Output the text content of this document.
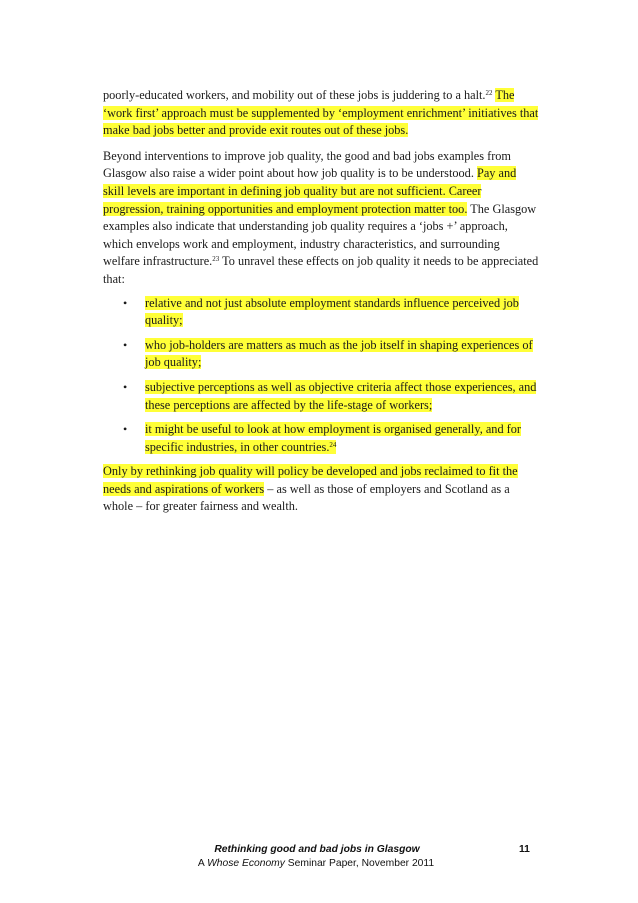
poorly-educated workers, and mobility out of these jobs is juddering to a halt.$^{22}$ The ‘work first’ approach must be supplemented by ‘employment enrichment’ initiatives that make bad jobs better and provide exit routes out of these jobs.

Beyond interventions to improve job quality, the good and bad jobs examples from Glasgow also raise a wider point about how job quality is to be understood. Pay and skill levels are important in defining job quality but are not sufficient. Career progression, training opportunities and employment protection matter too. The Glasgow examples also indicate that understanding job quality requires a ‘jobs +’ approach, which envelops work and employment, industry characteristics, and surrounding welfare infrastructure.$^{23}$ To unravel these effects on job quality it needs to be appreciated that:

• relative and not just absolute employment standards influence perceived job quality;
• who job-holders are matters as much as the job itself in shaping experiences of job quality;
• subjective perceptions as well as objective criteria affect those experiences, and these perceptions are affected by the life-stage of workers;
• it might be useful to look at how employment is organised generally, and for specific industries, in other countries.$^{24}$

Only by rethinking job quality will policy be developed and jobs reclaimed to fit the needs and aspirations of workers – as well as those of employers and Scotland as a whole – for greater fairness and wealth.

Rethinking good and bad jobs in Glasgow	11
A Whose Economy Seminar Paper, November 2011
